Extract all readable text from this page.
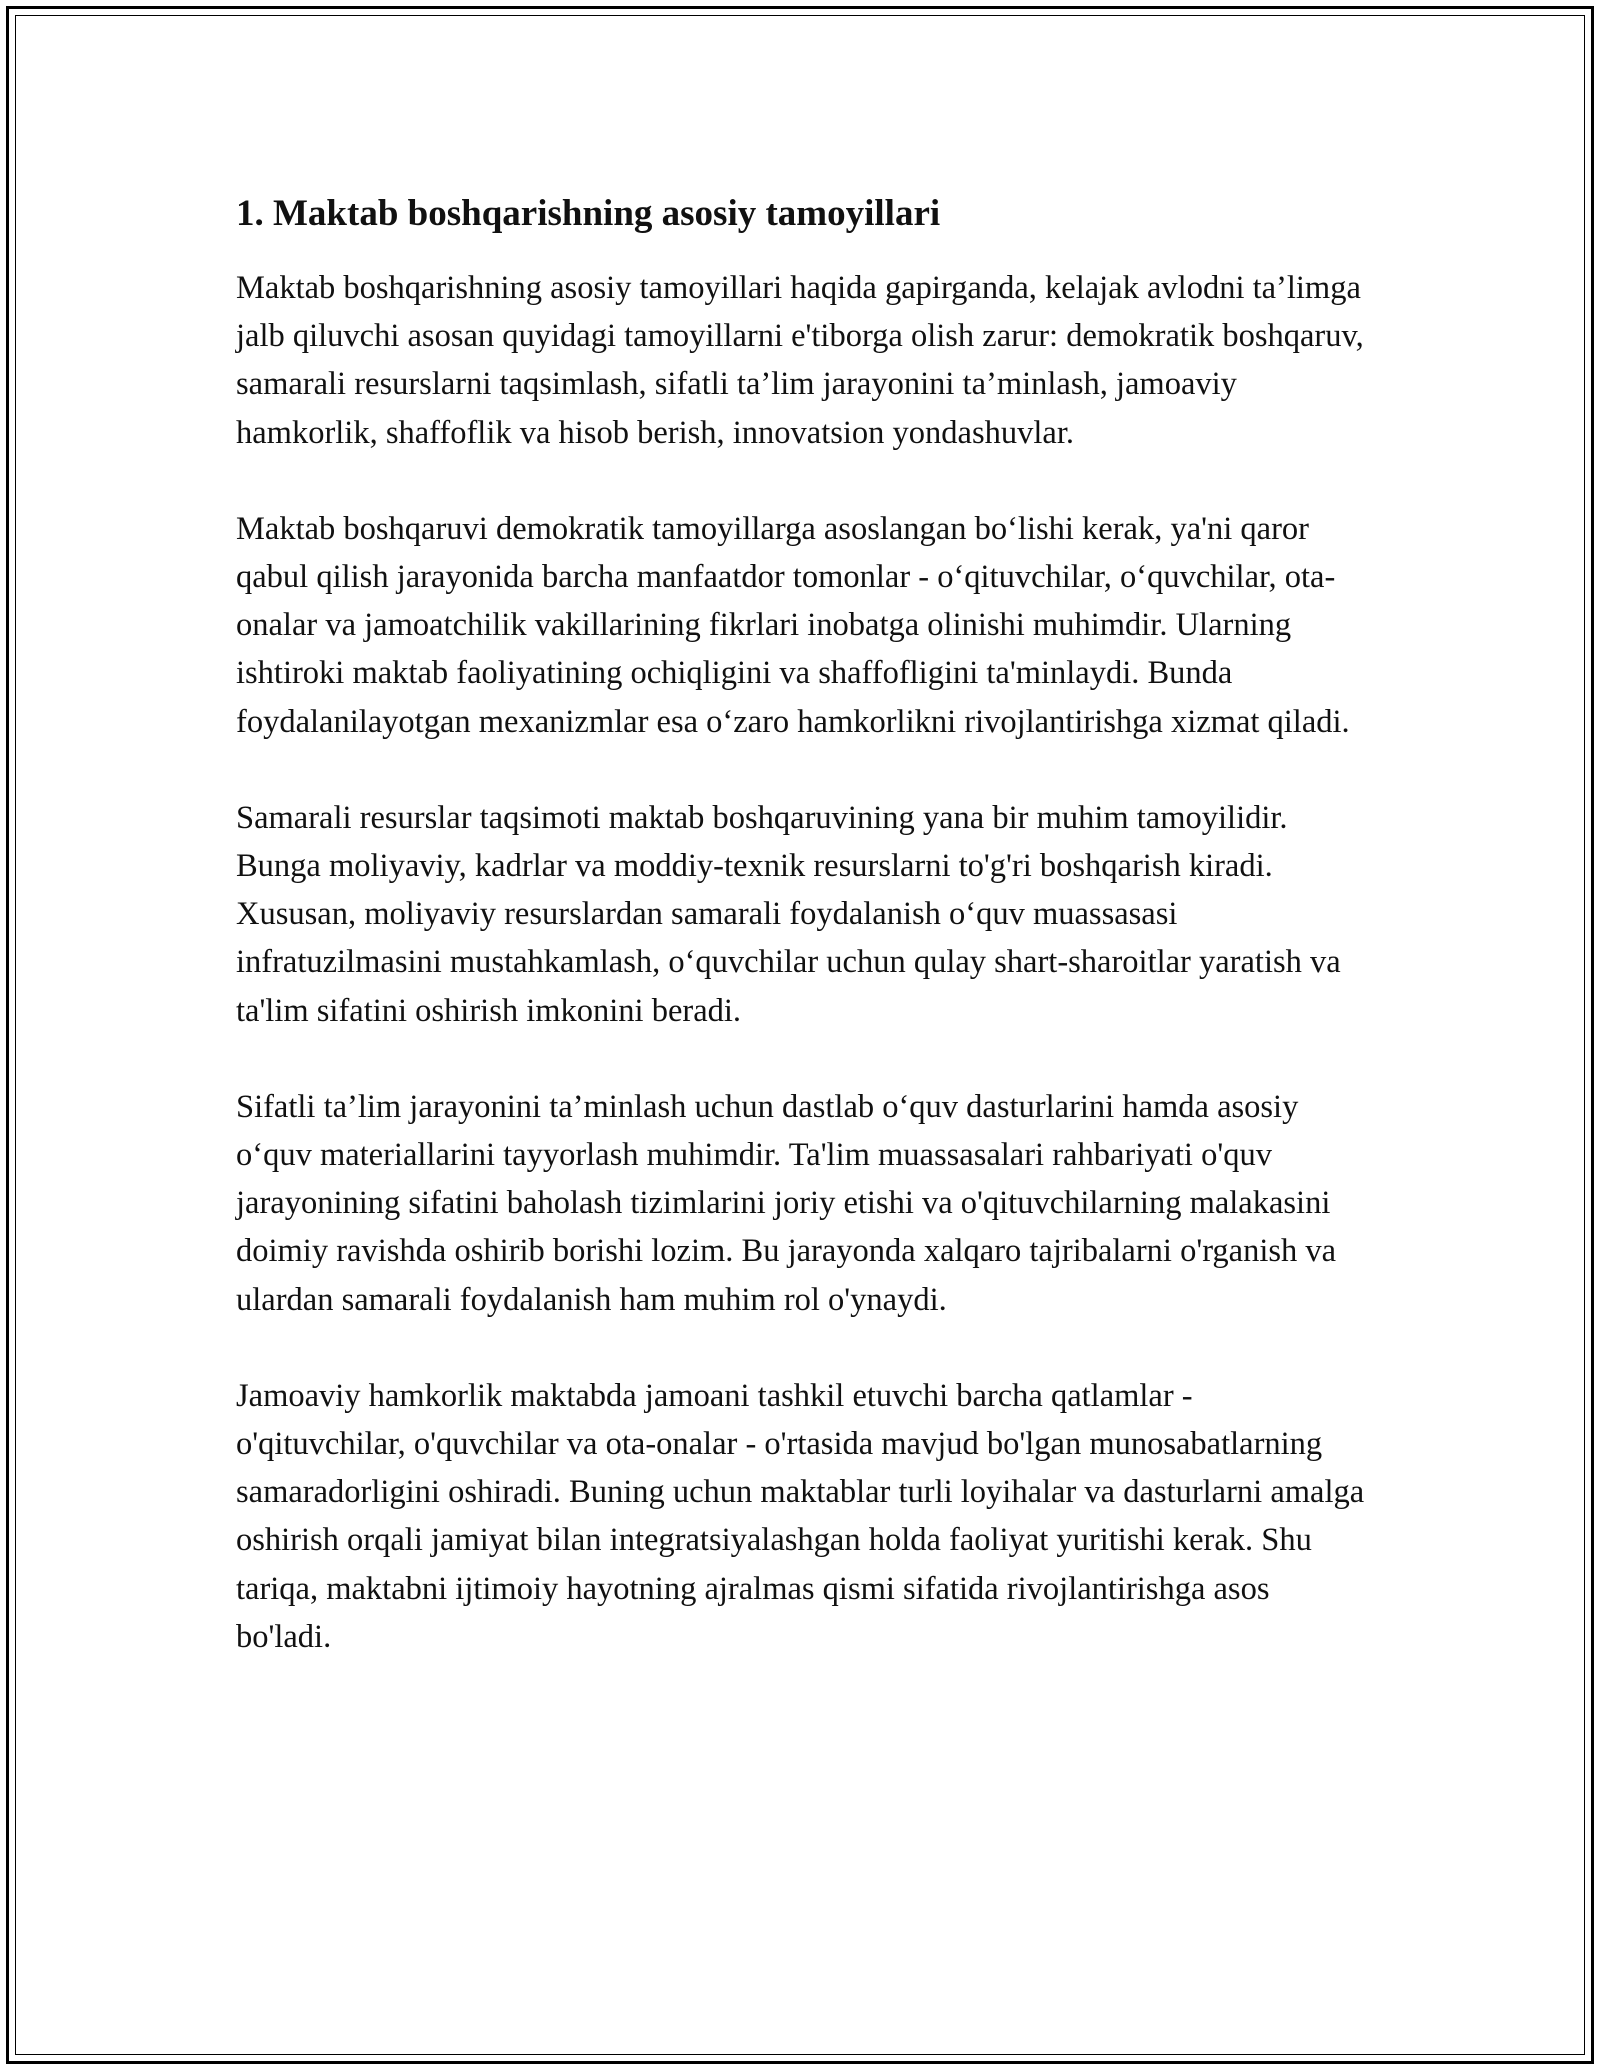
1. Maktab boshqarishning asosiy tamoyillari

Maktab boshqarishning asosiy tamoyillari haqida gapirganda, kelajak avlodni ta’limga jalb qiluvchi asosan quyidagi tamoyillarni e'tiborga olish zarur: demokratik boshqaruv, samarali resurslarni taqsimlash, sifatli ta’lim jarayonini ta’minlash, jamoaviy hamkorlik, shaffoflik va hisob berish, innovatsion yondashuvlar.

Maktab boshqaruvi demokratik tamoyillarga asoslangan boʻlishi kerak, ya'ni qaror qabul qilish jarayonida barcha manfaatdor tomonlar - oʻqituvchilar, oʻquvchilar, ota-onalar va jamoatchilik vakillarining fikrlari inobatga olinishi muhimdir. Ularning ishtiroki maktab faoliyatining ochiqligini va shaffofligini ta'minlaydi. Bunda foydalanilayotgan mexanizmlar esa oʻzaro hamkorlikni rivojlantirishga xizmat qiladi.

Samarali resurslar taqsimoti maktab boshqaruvining yana bir muhim tamoyilidir. Bunga moliyaviy, kadrlar va moddiy-texnik resurslarni to'g'ri boshqarish kiradi. Xususan, moliyaviy resurslardan samarali foydalanish oʻquv muassasasi infratuzilmasini mustahkamlash, oʻquvchilar uchun qulay shart-sharoitlar yaratish va ta'lim sifatini oshirish imkonini beradi.

Sifatli ta’lim jarayonini ta’minlash uchun dastlab oʻquv dasturlarini hamda asosiy oʻquv materiallarini tayyorlash muhimdir. Ta'lim muassasalari rahbariyati o'quv jarayonining sifatini baholash tizimlarini joriy etishi va o'qituvchilarning malakasini doimiy ravishda oshirib borishi lozim. Bu jarayonda xalqaro tajribalarni o'rganish va ulardan samarali foydalanish ham muhim rol o'ynaydi.

Jamoaviy hamkorlik maktabda jamoani tashkil etuvchi barcha qatlamlar - o'qituvchilar, o'quvchilar va ota-onalar - o'rtasida mavjud bo'lgan munosabatlarning samaradorligini oshiradi. Buning uchun maktablar turli loyihalar va dasturlarni amalga oshirish orqali jamiyat bilan integratsiyalashgan holda faoliyat yuritishi kerak. Shu tariqa, maktabni ijtimoiy hayotning ajralmas qismi sifatida rivojlantirishga asos bo'ladi.
